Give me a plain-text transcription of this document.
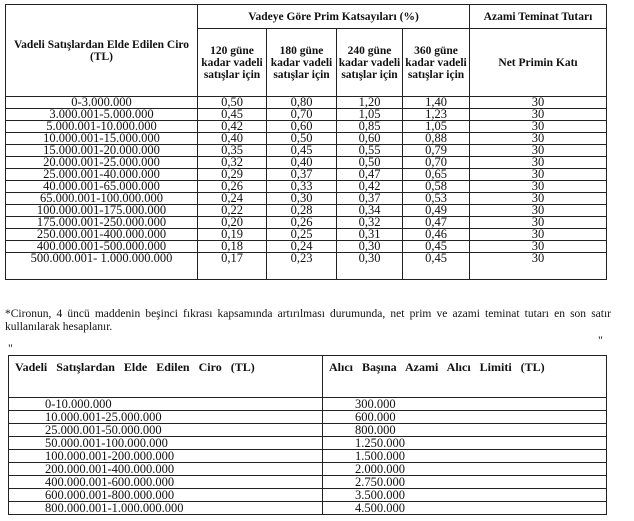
Vadeli Satışlardan Elde Edilen Ciro (TL)	Vadeye Göre Prim Katsayıları (%)				Azami Teminat Tutarı
	120 güne kadar vadeli satışlar için	180 güne kadar vadeli satışlar için	240 güne kadar vadeli satışlar için	360 güne kadar vadeli satışlar için	Net Primin Katı
0-3.000.000	0,50	0,80	1,20	1,40	30
3.000.001-5.000.000	0,45	0,70	1,05	1,23	30
5.000.001-10.000.000	0,42	0,60	0,85	1,05	30
10.000.001-15.000.000	0,40	0,50	0,60	0,88	30
15.000.001-20.000.000	0,35	0,45	0,55	0,79	30
20.000.001-25.000.000	0,32	0,40	0,50	0,70	30
25.000.001-40.000.000	0,29	0,37	0,47	0,65	30
40.000.001-65.000.000	0,26	0,33	0,42	0,58	30
65.000.001-100.000.000	0,24	0,30	0,37	0,53	30
100.000.001-175.000.000	0,22	0,28	0,34	0,49	30
175.000.001-250.000.000	0,20	0,26	0,32	0,47	30
250.000.001-400.000.000	0,19	0,25	0,31	0,46	30
400.000.001-500.000.000	0,18	0,24	0,30	0,45	30
500.000.001- 1.000.000.000	0,17	0,23	0,30	0,45	30

*Cironun, 4 üncü maddenin beşinci fıkrası kapsamında artırılması durumunda, net prim ve azami teminat tutarı en son satır kullanılarak hesaplanır.

"
"
Vadeli Satışlardan Elde Edilen Ciro (TL)	Alıcı Başına Azami Alıcı Limiti (TL)
0-10.000.000	300.000
10.000.001-25.000.000	600.000
25.000.001-50.000.000	800.000
50.000.001-100.000.000	1.250.000
100.000.001-200.000.000	1.500.000
200.000.001-400.000.000	2.000.000
400.000.001-600.000.000	2.750.000
600.000.001-800.000.000	3.500.000
800.000.001-1.000.000.000	4.500.000
